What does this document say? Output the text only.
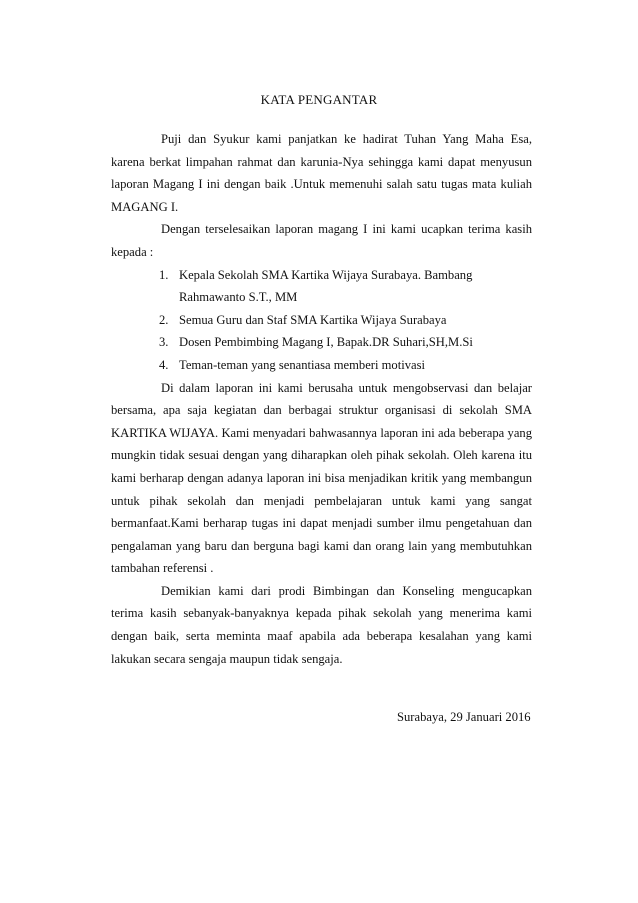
KATA PENGANTAR

Puji dan Syukur kami panjatkan ke hadirat Tuhan Yang Maha Esa, karena berkat limpahan rahmat dan karunia-Nya sehingga kami dapat menyusun laporan Magang I ini dengan baik .Untuk memenuhi salah satu tugas mata kuliah MAGANG I.

Dengan terselesaikan laporan magang I ini kami ucapkan terima kasih kepada :

1. Kepala Sekolah SMA Kartika Wijaya Surabaya. Bambang Rahmawanto S.T., MM
2. Semua Guru dan Staf SMA Kartika Wijaya Surabaya
3. Dosen Pembimbing Magang I, Bapak.DR Suhari,SH,M.Si
4. Teman-teman yang senantiasa memberi motivasi

Di dalam laporan ini kami berusaha untuk mengobservasi dan belajar bersama, apa saja kegiatan dan berbagai struktur organisasi di sekolah SMA KARTIKA WIJAYA. Kami menyadari bahwasannya laporan ini ada beberapa yang mungkin tidak sesuai dengan yang diharapkan oleh pihak sekolah. Oleh karena itu kami berharap dengan adanya laporan ini bisa menjadikan kritik yang membangun untuk pihak sekolah dan menjadi pembelajaran untuk kami yang sangat bermanfaat.Kami berharap tugas ini dapat menjadi sumber ilmu pengetahuan dan pengalaman yang baru dan berguna bagi kami dan orang lain yang membutuhkan tambahan referensi .

Demikian kami dari prodi Bimbingan dan Konseling mengucapkan terima kasih sebanyak-banyaknya kepada pihak sekolah yang menerima kami dengan baik, serta meminta maaf apabila ada beberapa kesalahan yang kami lakukan secara sengaja maupun tidak sengaja.

Surabaya, 29 Januari 2016
